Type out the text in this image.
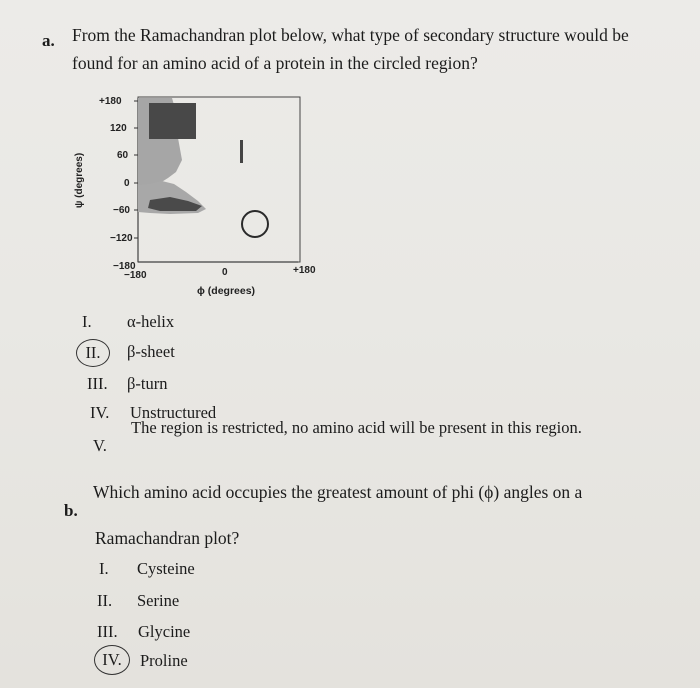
a. From the Ramachandran plot below, what type of secondary structure would be
found for an amino acid of a protein in the circled region?
+180
120
60
0
−60
−120
−180
−180	0	+180
ϕ (degrees)
ψ (degrees)
I. α-helix
II. β-sheet
III. β-turn
IV. Unstructured
V.
The region is restricted, no amino acid will be present in this region.
b.
Which amino acid occupies the greatest amount of phi (ϕ) angles on a
Ramachandran plot?
I. Cysteine
II. Serine
III. Glycine
IV. Proline
